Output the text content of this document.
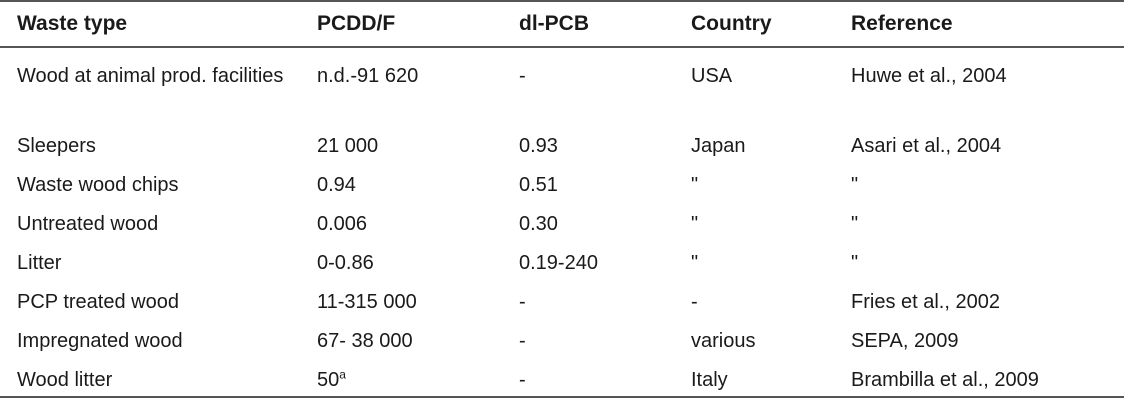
Waste type	PCDD/F	dl-PCB	Country	Reference
Wood at animal prod. facilities	n.d.-91 620	-	USA	Huwe et al., 2004
Sleepers	21 000	0.93	Japan	Asari et al., 2004
Waste wood chips	0.94	0.51	"	"
Untreated wood	0.006	0.30	"	"
Litter	0-0.86	0.19-240	"	"
PCP treated wood	11-315 000	-	-	Fries et al., 2002
Impregnated wood	67- 38 000	-	various	SEPA, 2009
Wood litter	50$^a$	-	Italy	Brambilla et al., 2009
